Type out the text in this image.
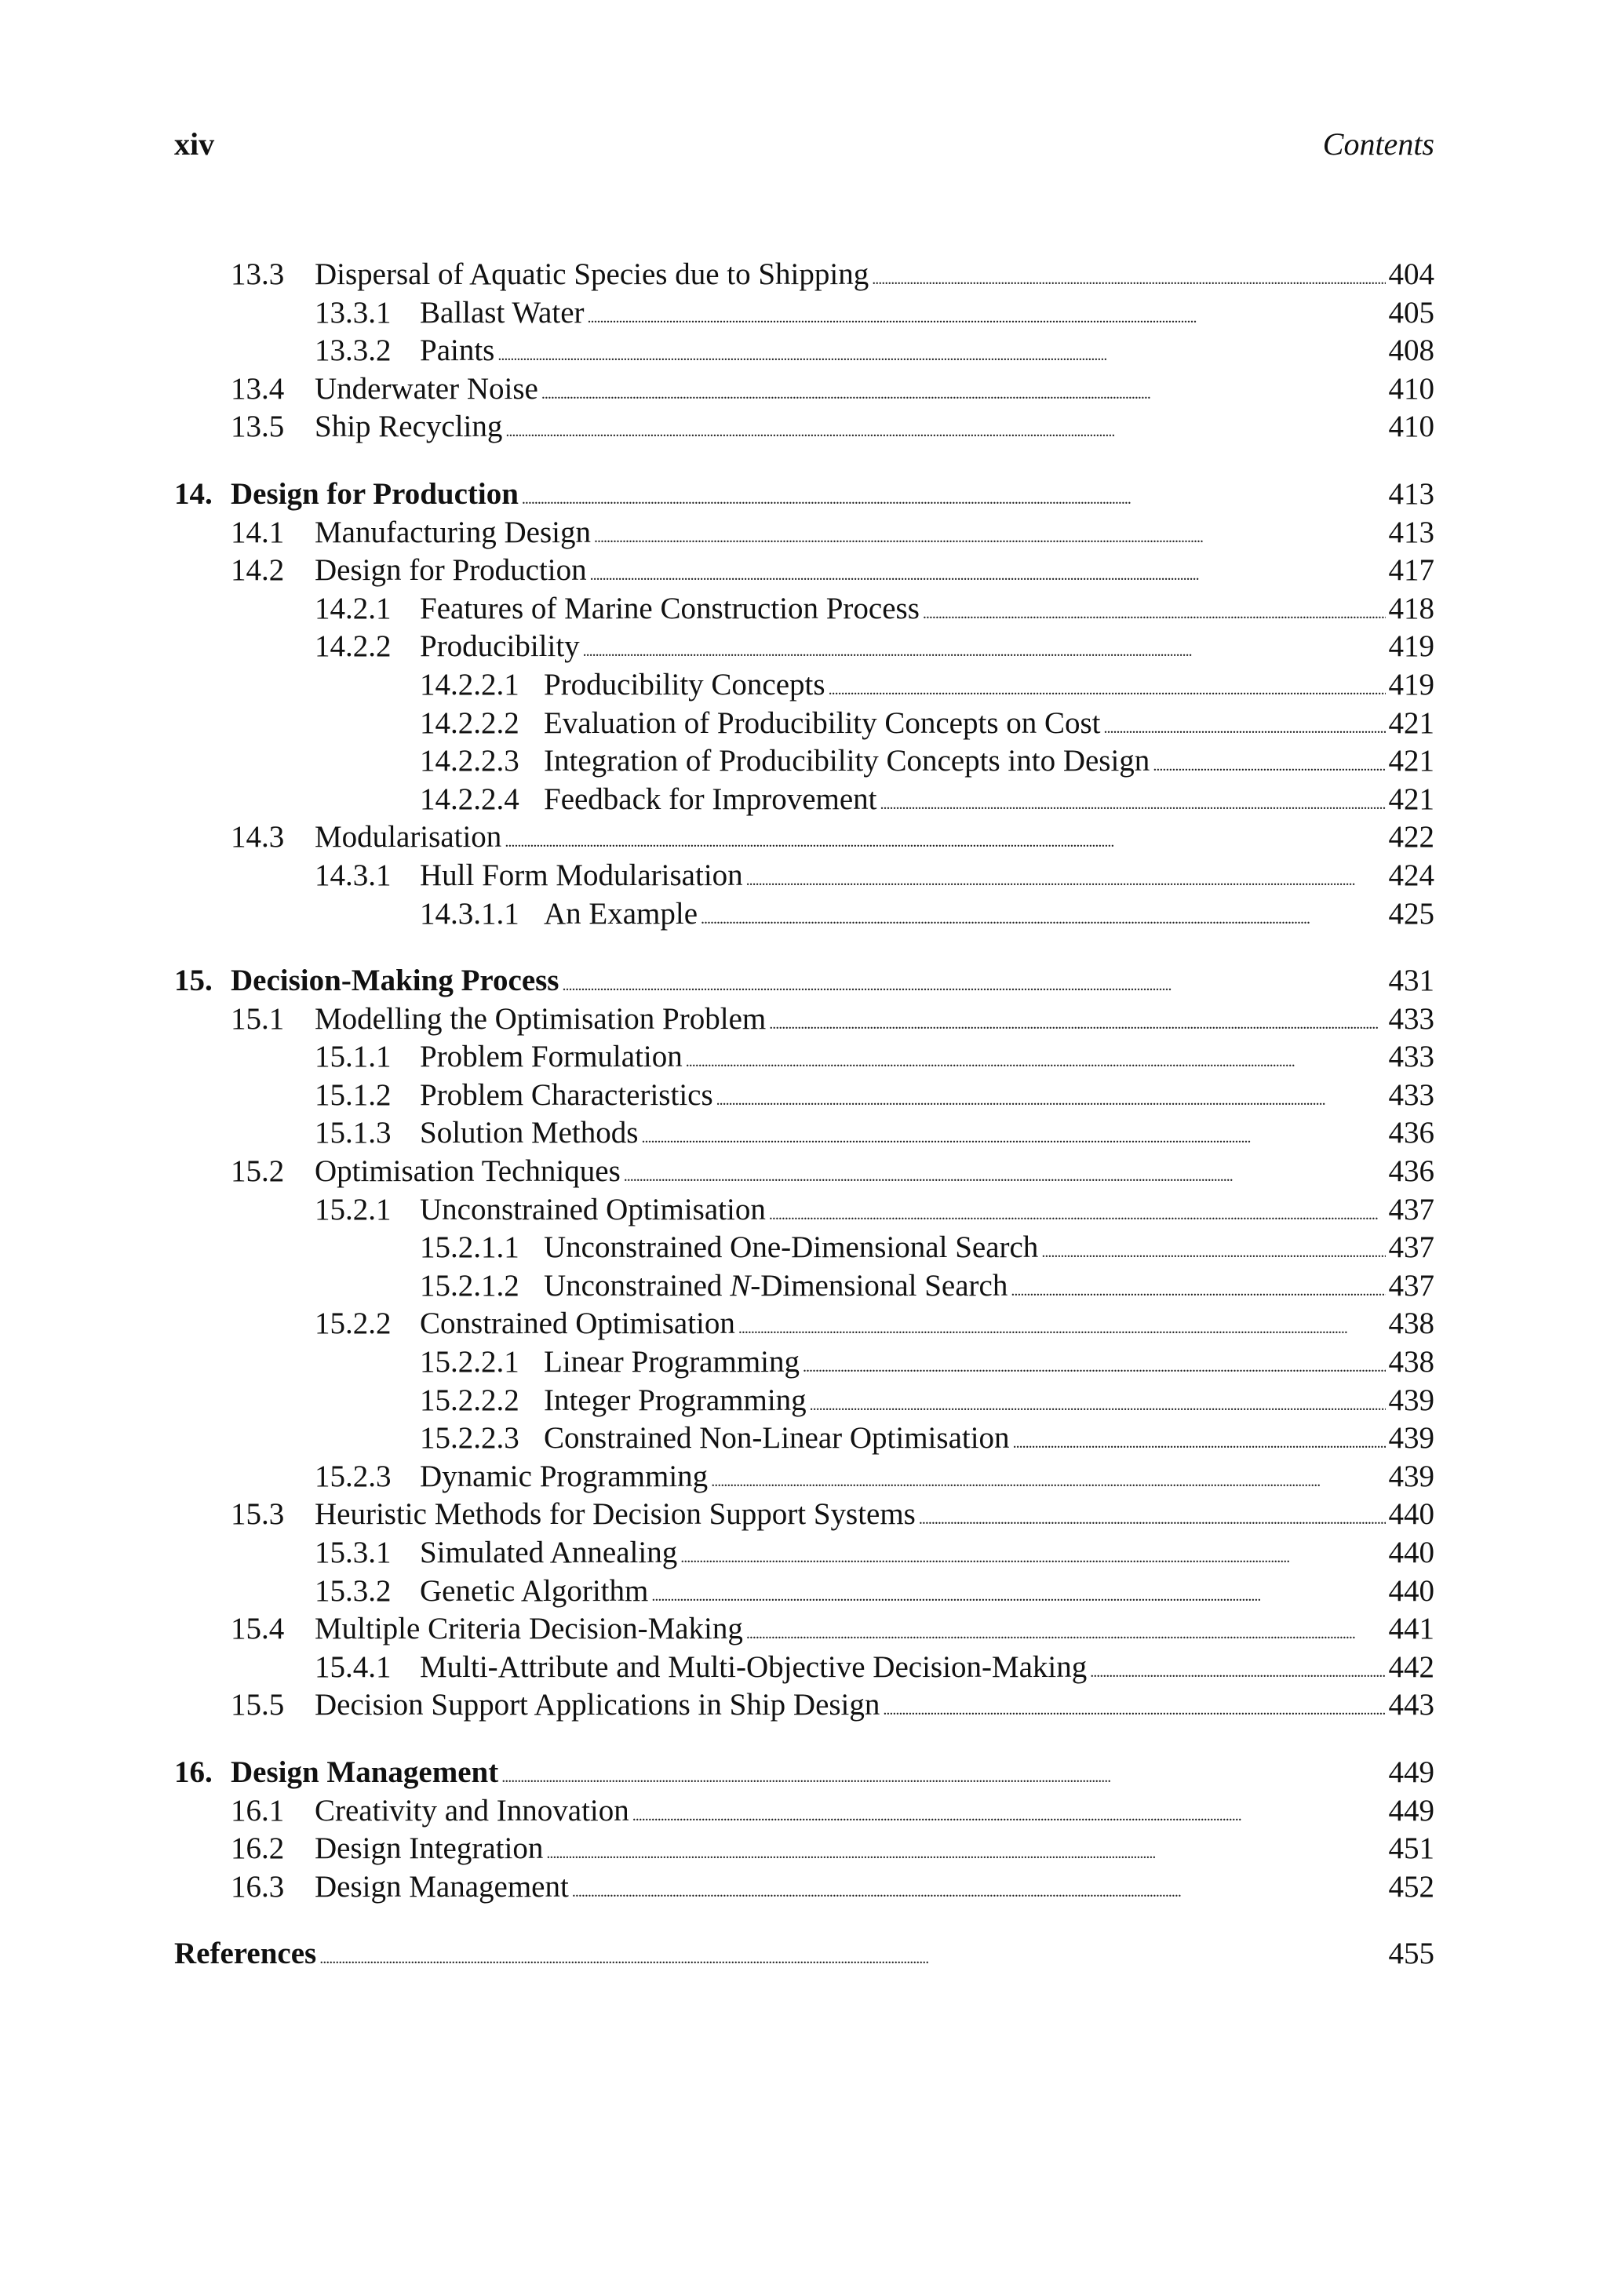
xiv	Contents
13.3 Dispersal of Aquatic Species due to Shipping . . .	404
13.3.1 Ballast Water . . .	405
13.3.2 Paints . . .	408
13.4 Underwater Noise . . .	410
13.5 Ship Recycling . . .	410
14. Design for Production . . .	413
14.1 Manufacturing Design . . .	413
14.2 Design for Production . . .	417
14.2.1 Features of Marine Construction Process . . .	418
14.2.2 Producibility . . .	419
14.2.2.1 Producibility Concepts . . .	419
14.2.2.2 Evaluation of Producibility Concepts on Cost . . .	421
14.2.2.3 Integration of Producibility Concepts into Design . . .	421
14.2.2.4 Feedback for Improvement . . .	421
14.3 Modularisation . . .	422
14.3.1 Hull Form Modularisation . . .	424
14.3.1.1 An Example . . .	425
15. Decision-Making Process . . .	431
15.1 Modelling the Optimisation Problem . . .	433
15.1.1 Problem Formulation . . .	433
15.1.2 Problem Characteristics . . .	433
15.1.3 Solution Methods . . .	436
15.2 Optimisation Techniques . . .	436
15.2.1 Unconstrained Optimisation . . .	437
15.2.1.1 Unconstrained One-Dimensional Search . . .	437
15.2.1.2 Unconstrained N-Dimensional Search . . .	437
15.2.2 Constrained Optimisation . . .	438
15.2.2.1 Linear Programming . . .	438
15.2.2.2 Integer Programming . . .	439
15.2.2.3 Constrained Non-Linear Optimisation . . .	439
15.2.3 Dynamic Programming . . .	439
15.3 Heuristic Methods for Decision Support Systems . . .	440
15.3.1 Simulated Annealing . . .	440
15.3.2 Genetic Algorithm . . .	440
15.4 Multiple Criteria Decision-Making . . .	441
15.4.1 Multi-Attribute and Multi-Objective Decision-Making . . .	442
15.5 Decision Support Applications in Ship Design . . .	443
16. Design Management . . .	449
16.1 Creativity and Innovation . . .	449
16.2 Design Integration . . .	451
16.3 Design Management . . .	452
References . . .	455
